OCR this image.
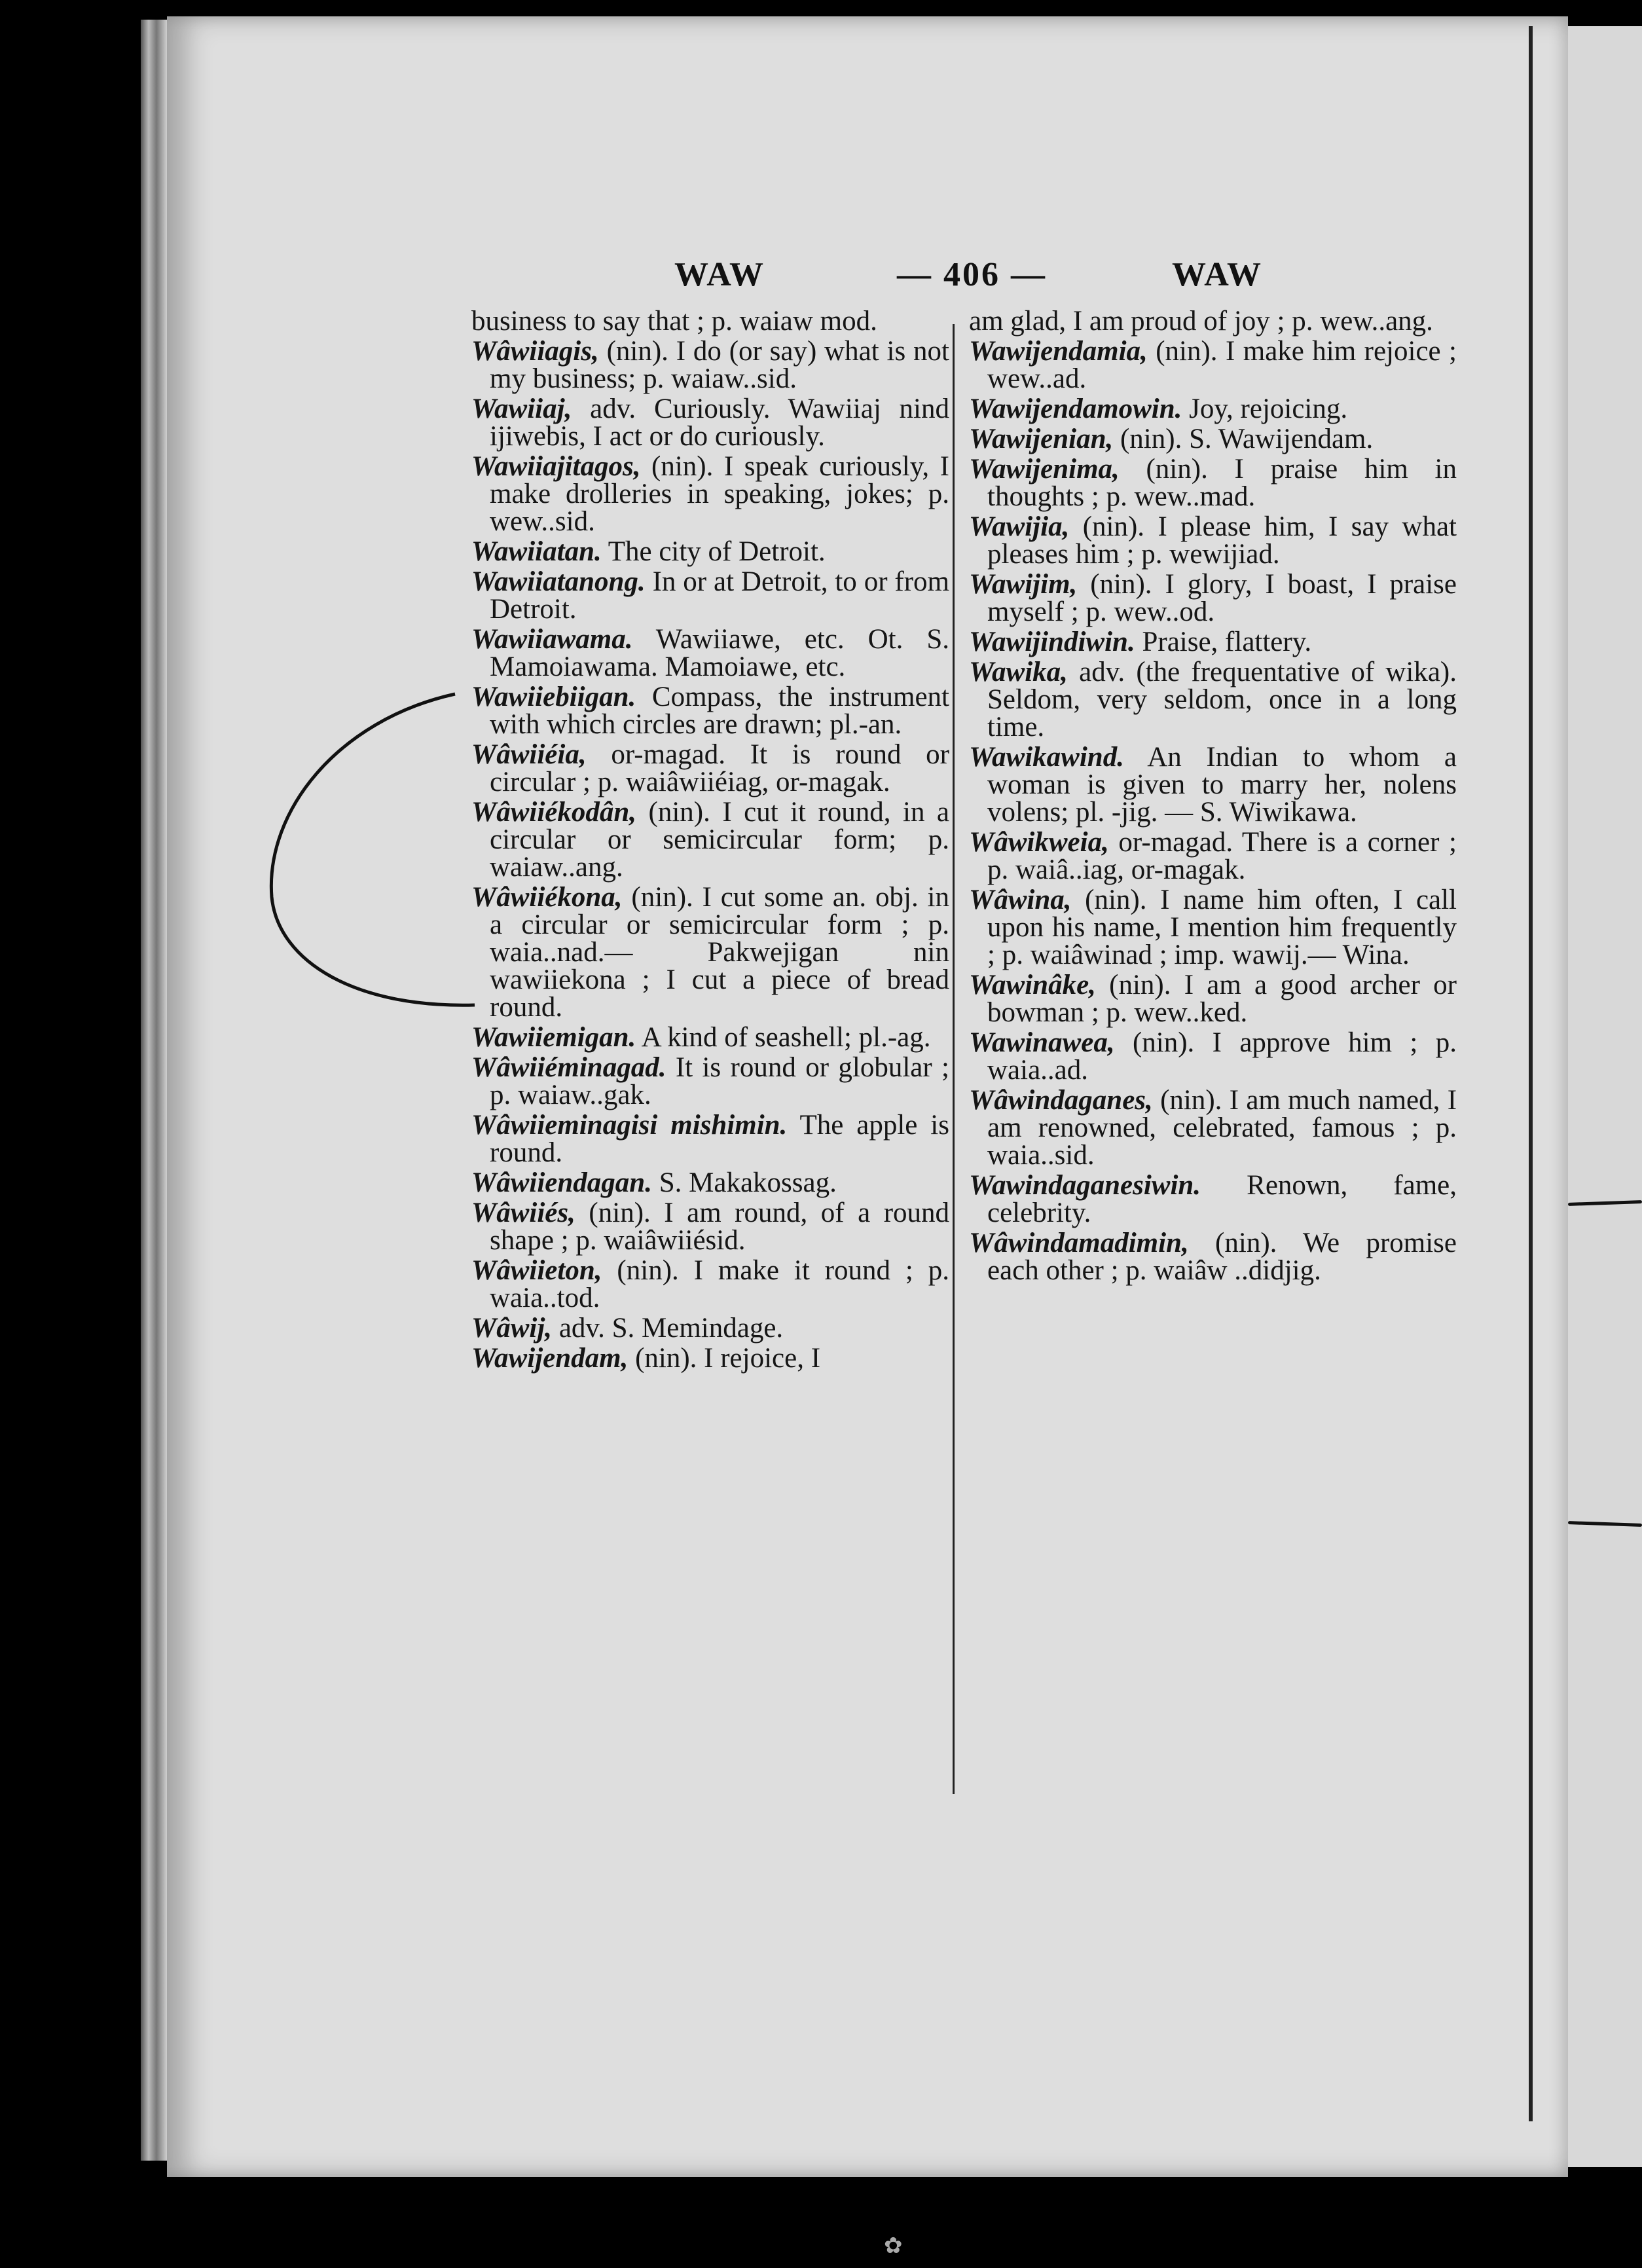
WAW	— 406 —	WAW
business to say that ; p. waiaw mod.
Wâwiiagis, (nin). I do (or say) what is not my business; p. waiaw..sid.
Wawiiaj, adv. Curiously. Wawiiaj nind ijiwebis, I act or do curiously.
Wawiiajitagos, (nin). I speak curiously, I make drolleries in speaking, jokes; p. wew..sid.
Wawiiatan. The city of Detroit.
Wawiiatanong. In or at Detroit, to or from Detroit.
Wawiiawama. Wawiiawe, etc. Ot. S. Mamoiawama. Mamoiawe, etc.
Wawiiebiigan. Compass, the instrument with which circles are drawn; pl.-an.
Wâwiiéia, or-magad. It is round or circular ; p. waiâwiiéiag, or-magak.
Wâwiiékodân, (nin). I cut it round, in a circular or semicircular form; p. waiaw..ang.
Wâwiiékona, (nin). I cut some an. obj. in a circular or semicircular form ; p. waia..nad.— Pakwejigan nin wawiiekona ; I cut a piece of bread round.
Wawiiemigan. A kind of seashell; pl.-ag.
Wâwiiéminagad. It is round or globular ; p. waiaw..gak.
Wâwiieminagisi mishimin. The apple is round.
Wâwiiendagan. S. Makakossag.
Wâwiiés, (nin). I am round, of a round shape ; p. waiâwiiésid.
Wâwiieton, (nin). I make it round ; p. waia..tod.
Wâwij, adv. S. Memindage.
Wawijendam, (nin). I rejoice, I
am glad, I am proud of joy ; p. wew..ang.
Wawijendamia, (nin). I make him rejoice ; wew..ad.
Wawijendamowin. Joy, rejoicing.
Wawijenian, (nin). S. Wawijendam.
Wawijenima, (nin). I praise him in thoughts ; p. wew..mad.
Wawijia, (nin). I please him, I say what pleases him ; p. wewijiad.
Wawijim, (nin). I glory, I boast, I praise myself ; p. wew..od.
Wawijindiwin. Praise, flattery.
Wawika, adv. (the frequentative of wika). Seldom, very seldom, once in a long time.
Wawikawind. An Indian to whom a woman is given to marry her, nolens volens; pl. -jig. — S. Wiwikawa.
Wâwikweia, or-magad. There is a corner ; p. waiâ..iag, or-magak.
Wâwina, (nin). I name him often, I call upon his name, I mention him frequently ; p. waiâwinad ; imp. wawij.— Wina.
Wawinâke, (nin). I am a good archer or bowman ; p. wew..ked.
Wawinawea, (nin). I approve him ; p. waia..ad.
Wâwindaganes, (nin). I am much named, I am renowned, celebrated, famous ; p. waia..sid.
Wawindaganesiwin. Renown, fame, celebrity.
Wâwindamadimin, (nin). We promise each other ; p. waiâw ..didjig.
✿
